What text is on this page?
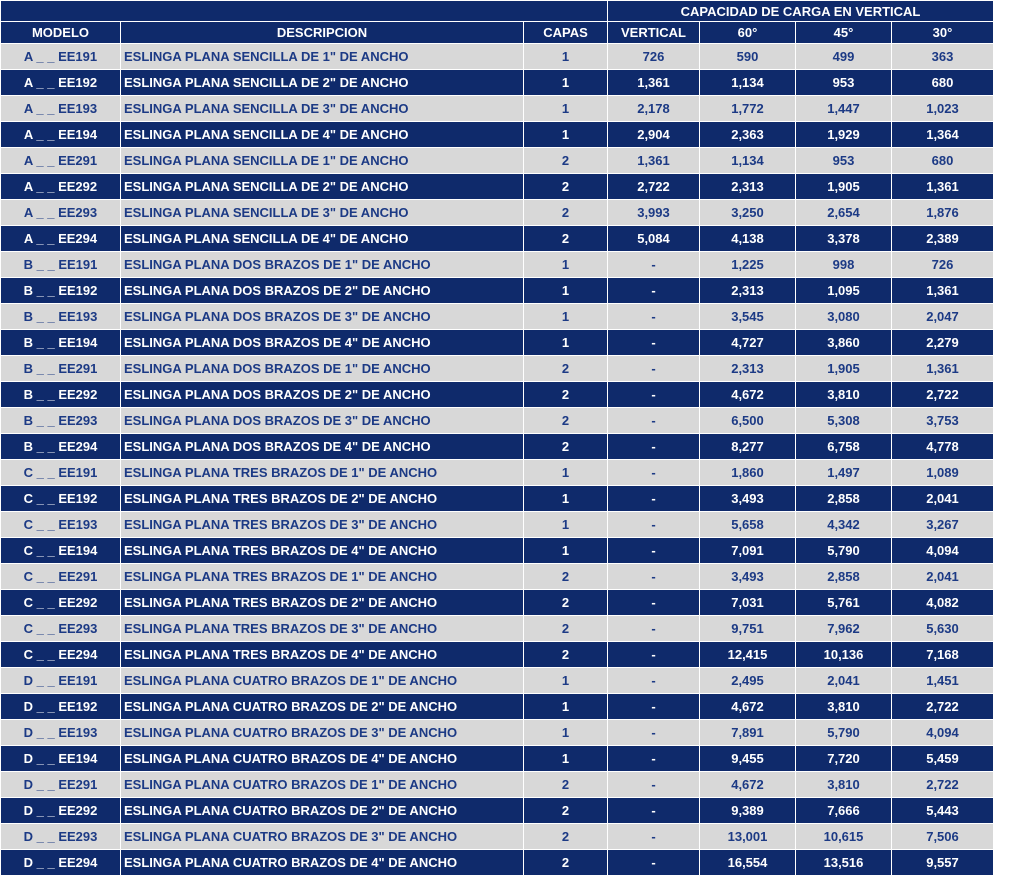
			CAPACIDAD DE CARGA EN VERTICAL			
MODELO	DESCRIPCION	CAPAS	VERTICAL	60°	45°	30°
A _ _ EE191	ESLINGA PLANA SENCILLA DE 1" DE ANCHO	1	726	590	499	363
A _ _ EE192	ESLINGA PLANA SENCILLA DE 2" DE ANCHO	1	1,361	1,134	953	680
A _ _ EE193	ESLINGA PLANA SENCILLA DE 3" DE ANCHO	1	2,178	1,772	1,447	1,023
A _ _ EE194	ESLINGA PLANA SENCILLA DE 4" DE ANCHO	1	2,904	2,363	1,929	1,364
A _ _ EE291	ESLINGA PLANA SENCILLA DE 1" DE ANCHO	2	1,361	1,134	953	680
A _ _ EE292	ESLINGA PLANA SENCILLA DE 2" DE ANCHO	2	2,722	2,313	1,905	1,361
A _ _ EE293	ESLINGA PLANA SENCILLA DE 3" DE ANCHO	2	3,993	3,250	2,654	1,876
A _ _ EE294	ESLINGA PLANA SENCILLA DE 4" DE ANCHO	2	5,084	4,138	3,378	2,389
B _ _ EE191	ESLINGA PLANA DOS BRAZOS DE 1" DE ANCHO	1	-	1,225	998	726
B _ _ EE192	ESLINGA PLANA DOS BRAZOS DE 2" DE ANCHO	1	-	2,313	1,095	1,361
B _ _ EE193	ESLINGA PLANA DOS BRAZOS DE 3" DE ANCHO	1	-	3,545	3,080	2,047
B _ _ EE194	ESLINGA PLANA DOS BRAZOS DE 4" DE ANCHO	1	-	4,727	3,860	2,279
B _ _ EE291	ESLINGA PLANA DOS BRAZOS DE 1" DE ANCHO	2	-	2,313	1,905	1,361
B _ _ EE292	ESLINGA PLANA DOS BRAZOS DE 2" DE ANCHO	2	-	4,672	3,810	2,722
B _ _ EE293	ESLINGA PLANA DOS BRAZOS DE 3" DE ANCHO	2	-	6,500	5,308	3,753
B _ _ EE294	ESLINGA PLANA DOS BRAZOS DE 4" DE ANCHO	2	-	8,277	6,758	4,778
C _ _ EE191	ESLINGA PLANA TRES BRAZOS DE 1" DE ANCHO	1	-	1,860	1,497	1,089
C _ _ EE192	ESLINGA PLANA TRES BRAZOS DE 2" DE ANCHO	1	-	3,493	2,858	2,041
C _ _ EE193	ESLINGA PLANA TRES BRAZOS DE 3" DE ANCHO	1	-	5,658	4,342	3,267
C _ _ EE194	ESLINGA PLANA TRES BRAZOS DE 4" DE ANCHO	1	-	7,091	5,790	4,094
C _ _ EE291	ESLINGA PLANA TRES BRAZOS DE 1" DE ANCHO	2	-	3,493	2,858	2,041
C _ _ EE292	ESLINGA PLANA TRES BRAZOS DE 2" DE ANCHO	2	-	7,031	5,761	4,082
C _ _ EE293	ESLINGA PLANA TRES BRAZOS DE 3" DE ANCHO	2	-	9,751	7,962	5,630
C _ _ EE294	ESLINGA PLANA TRES BRAZOS DE 4" DE ANCHO	2	-	12,415	10,136	7,168
D _ _ EE191	ESLINGA PLANA CUATRO BRAZOS DE 1" DE ANCHO	1	-	2,495	2,041	1,451
D _ _ EE192	ESLINGA PLANA CUATRO BRAZOS DE 2" DE ANCHO	1	-	4,672	3,810	2,722
D _ _ EE193	ESLINGA PLANA CUATRO BRAZOS DE 3" DE ANCHO	1	-	7,891	5,790	4,094
D _ _ EE194	ESLINGA PLANA CUATRO BRAZOS DE 4" DE ANCHO	1	-	9,455	7,720	5,459
D _ _ EE291	ESLINGA PLANA CUATRO BRAZOS DE 1" DE ANCHO	2	-	4,672	3,810	2,722
D _ _ EE292	ESLINGA PLANA CUATRO BRAZOS DE 2" DE ANCHO	2	-	9,389	7,666	5,443
D _ _ EE293	ESLINGA PLANA CUATRO BRAZOS DE 3" DE ANCHO	2	-	13,001	10,615	7,506
D _ _ EE294	ESLINGA PLANA CUATRO BRAZOS DE 4" DE ANCHO	2	-	16,554	13,516	9,557
